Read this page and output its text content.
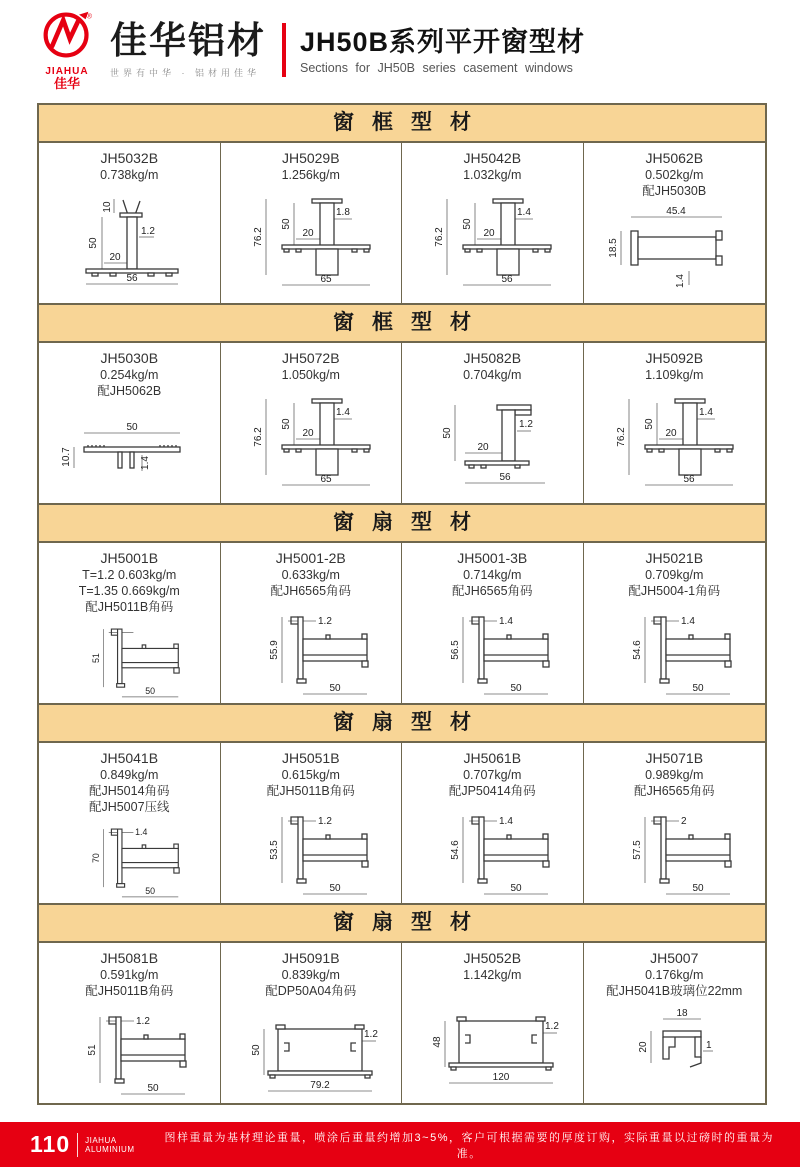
®
JIAHUA
佳华
佳华铝材
世界有中华 · 铝材用佳华
JH50B系列平开窗型材
Sections for JH50B series casement windows
窗框型材
JH5032B
0.738kg/m
10
50
1.2
20
56
JH5029B
1.256kg/m
76.2
50
1.8
20
65
JH5042B
1.032kg/m
76.2
50
1.4
20
56
JH5062B
0.502kg/m
配JH5030B
45.4
18.5
1.4
窗框型材
JH5030B
0.254kg/m
配JH5062B
50
10.7	1.4
JH5072B
1.050kg/m
76.2
50
1.4
20
65
JH5082B
0.704kg/m
50
20
1.2
56
JH5092B
1.109kg/m
76.2
50
1.4
20
56
窗扇型材
JH5001B
T=1.2 0.603kg/m
T=1.35 0.669kg/m
配JH5011B角码
51
50
JH5001-2B
0.633kg/m
配JH6565角码
1.2
55.9
50
JH5001-3B
0.714kg/m
配JH6565角码
1.4
56.5
50
JH5021B
0.709kg/m
配JH5004-1角码
1.4
54.6
50
窗扇型材
JH5041B
0.849kg/m
配JH5014角码
配JH5007压线
1.4
70
50
JH5051B
0.615kg/m
配JH5011B角码
1.2
53.5
50
JH5061B
0.707kg/m
配JP50414角码
1.4
54.6
50
JH5071B
0.989kg/m
配JH6565角码
2
57.5
50
窗扇型材
JH5081B
0.591kg/m
配JH5011B角码
1.2
51
50
JH5091B
0.839kg/m
配DP50A04角码
50
1.2
79.2
JH5052B
1.142kg/m
48
1.2
120
JH5007
0.176kg/m
配JH5041B玻璃位22mm
18
20	1
110 JIAHUA
ALUMINIUM
图样重量为基材理论重量，喷涂后重量约增加3~5%，客户可根据需要的厚度订购，实际重量以过磅时的重量为准。
